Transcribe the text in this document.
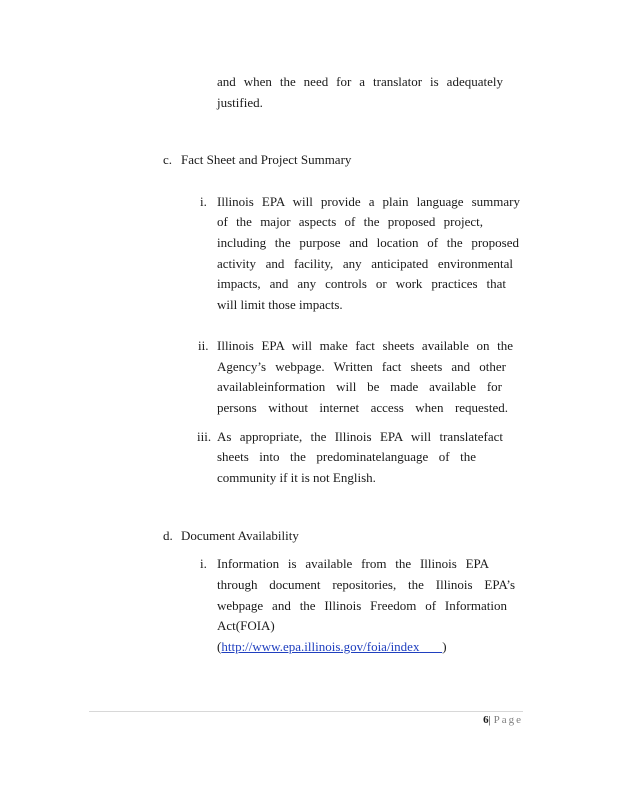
and when the need for a translator is adequately
justified.
c. Fact Sheet and Project Summary
i. Illinois EPA will provide a plain language summary
of the major aspects of the proposed project,
including the purpose and location of the proposed
activity and facility, any anticipated environmental
impacts, and any controls or work practices that
will limit those impacts.
ii. Illinois EPA will make fact sheets available on the
Agency’s webpage. Written fact sheets and other
availableinformation will be made available for
persons without internet access when requested.
iii. As appropriate, the Illinois EPA will translatefact
sheets into the predominatelanguage of the
community if it is not English.
d. Document Availability
i. Information is available from the Illinois EPA
through document repositories, the Illinois EPA’s
webpage and the Illinois Freedom of Information
Act(FOIA)
(http://www.epa.illinois.gov/foia/index )
6| Page
